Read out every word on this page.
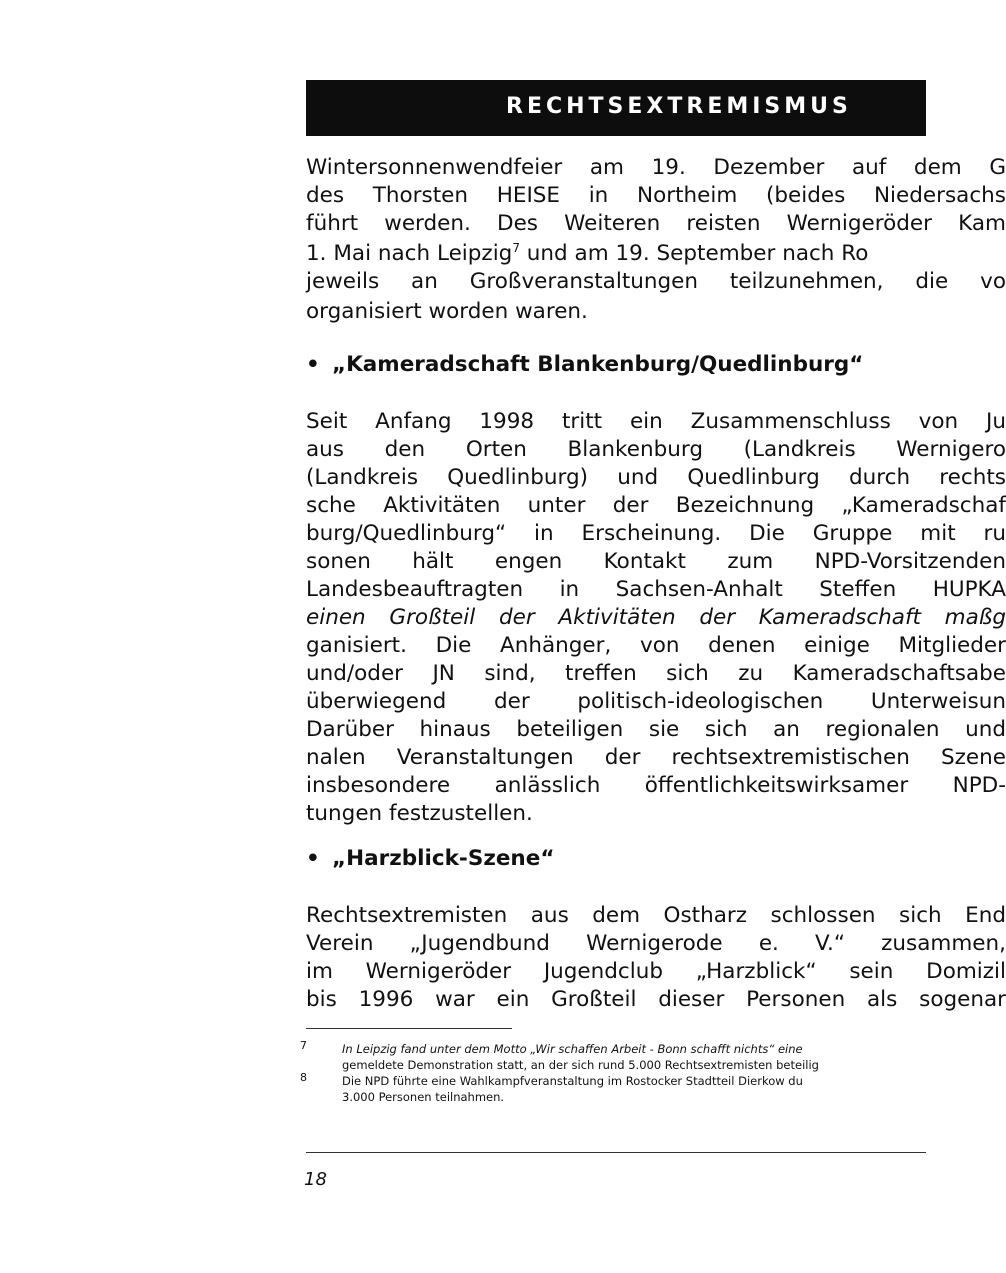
RECHTSEXTREMISMUS
Wintersonnenwendfeier am 19. Dezember auf dem G
des Thorsten HEISE in Northeim (beides Niedersachs
führt werden. Des Weiteren reisten Wernigeröder Kam
1. Mai nach Leipzig$^7$ und am 19. September nach Ro
jeweils an Großveranstaltungen teilzunehmen, die vo
organisiert worden waren.
• „Kameradschaft Blankenburg/Quedlinburg“
Seit Anfang 1998 tritt ein Zusammenschluss von Ju
aus den Orten Blankenburg (Landkreis Wernigero
(Landkreis Quedlinburg) und Quedlinburg durch rechts
sche Aktivitäten unter der Bezeichnung „Kameradschaf
burg/Quedlinburg“ in Erscheinung. Die Gruppe mit ru
sonen hält engen Kontakt zum NPD-Vorsitzenden
Landesbeauftragten in Sachsen-Anhalt Steffen HUPKA
einen Großteil der Aktivitäten der Kameradschaft maßg
ganisiert. Die Anhänger, von denen einige Mitglieder
und/oder JN sind, treffen sich zu Kameradschaftsabe
überwiegend der politisch-ideologischen Unterweisun
Darüber hinaus beteiligen sie sich an regionalen und
nalen Veranstaltungen der rechtsextremistischen Szene
insbesondere anlässlich öffentlichkeitswirksamer NPD-
tungen festzustellen.
• „Harzblick-Szene“
Rechtsextremisten aus dem Ostharz schlossen sich End
Verein „Jugendbund Wernigerode e. V.“ zusammen,
im Wernigeröder Jugendclub „Harzblick“ sein Domizil
bis 1996 war ein Großteil dieser Personen als sogenar
7	In Leipzig fand unter dem Motto „Wir schaffen Arbeit - Bonn schafft nichts“ eine
gemeldete Demonstration statt, an der sich rund 5.000 Rechtsextremisten beteilig
8	Die NPD führte eine Wahlkampfveranstaltung im Rostocker Stadtteil Dierkow du
3.000 Personen teilnahmen.
18
